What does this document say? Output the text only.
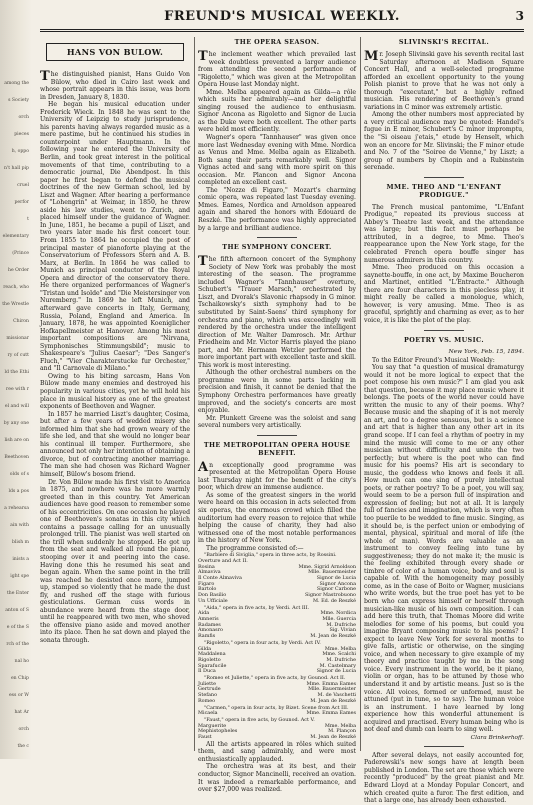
among the
s Society
orch
pieces
h, oppo
n't hall pip
cruel
perfor
t
elementary
(Prince
he Order
reach, who
the Wrestle
Chiron
missionar
ry of cutt
ld the Ethi
ree with r
el and will
by any one
lish are on
Beethoven
olds of s
lds a pos
a rehearsa
ain with
blish m
inists a
ight spe
the Enter
anton of S
e of the S
rch of the
nal ho
en Chip
ess or W
hat Ar
orch
the c
FREUND'S MUSICAL WEEKLY.	3
HANS VON BULOW.

The distinguished pianist, Hans Guido Von Bülow, who died in Cairo last week and whose portrait appears in this issue, was born in Dresden, January 8, 1830.

He began his musical education under Frederick Wieck. In 1848 he was sent to the University of Leipzig to study jurisprudence, his parents having always regarded music as a mere pastime, but he continued his studies in counterpoint under Hauptmann. In the following year he entered the University of Berlin, and took great interest in the political movements of that time, contributing to a democratic journal, Die Abendpost. In this paper he first began to defend the musical doctrines of the new German school, led by Liszt and Wagner. After hearing a performance of "Lohengrin" at Weimar, in 1850, he threw aside his law studies, went to Zurich, and placed himself under the guidance of Wagner. In June, 1851, he became a pupil of Liszt, and two years later made his first concert tour. From 1855 to 1864 he occupied the post of principal master of pianoforte playing at the Conservatorium of Professors Stern and A. B. Marx, at Berlin. In 1864 he was called to Munich as principal conductor of the Royal Opera and director of the conservatory there. He there organized performances of Wagner's "Tristan und Isolde" and "Die Meistersinger von Nuremberg." In 1869 he left Munich, and afterward gave concerts in Italy, Germany, Russia, Poland, England and America. In January, 1878, he was appointed Koeniglicher Hofkapellmeister at Hanover. Among his most important compositions are "Nirvana, Symphonisches Stimmungsbild"; music to Shakespeare's "Julius Caesar"; "Des Sanger's Fluch," "Vier Charakterstucke fur Orchester," and "Il Carnovale di Milano."

Owing to his biting sarcasm, Hans Von Bülow made many enemies and destroyed his popularity in various cities, yet he will hold his place in musical history as one of the greatest exponents of Beethoven and Wagner.

In 1857 he married Liszt's daughter, Cosima, but after a few years of wedded misery she informed him that she had grown weary of the life she led, and that she would no longer bear his continual ill temper. Furthermore, she announced not only her intention of obtaining a divorce, but of contracting another marriage. The man she had chosen was Richard Wagner himself, Bülow's bosom friend.

Dr. Von Bülow made his first visit to America in 1875, and nowhere was he more warmly greeted than in this country. Yet American audiences have good reason to remember some of his eccentricities. On one occasion he played one of Beethoven's sonatas in this city which contains a passage calling for an unusually prolonged trill. The pianist was well started on the trill when suddenly he stopped. He got up from the seat and walked all round the piano, stooping over it and peering into the case. Having done this he resumed his seat and began again. When the same point in the trill was reached he desisted once more, jumped up, stamped so violently that he made the dust fly, and rushed off the stage with furious gesticulations. German cuss words in abundance were heard from the stage door, until he reappeared with two men, who shoved the offensive piano aside and moved another into its place. Then he sat down and played the sonata through.

THE OPERA SEASON.

The inclement weather which prevailed last week doubtless prevented a larger audience from attending the second performance of "Rigoletto," which was given at the Metropolitan Opera House last Monday night.

Mme. Melba appeared again as Gilda—a rôle which suits her admirably—and her delightful singing roused the audience to enthusiasm. Signor Ancona as Rigoletto and Signor de Lucia as the Duke were both excellent. The other parts were held most efficiently.

Wagner's opera "Tannhauser" was given once more last Wednesday evening with Mme. Nordica as Venus and Mme. Melba again as Elizabeth. Both sang their parts remarkably well. Signor Vignas acted and sang with more spirit on this occasion. Mr. Plancon and Signor Ancona completed an excellent cast.

The "Nozze di Figaro," Mozart's charming comic opera, was repeated last Tuesday evening. Mmes. Eames, Nordica and Arnoldson appeared again and shared the honors with Edouard de Reszké. The performance was highly appreciated by a large and brilliant audience.

THE SYMPHONY CONCERT.

The fifth afternoon concert of the Symphony Society of New York was probably the most interesting of the season. The programme included Wagner's "Tannhauser" overture, Schubert's "Trauer Marsch," orchestrated by Liszt, and Dvorak's Slavonic rhapsody in G minor. Tschaikowsky's sixth symphony had to be substituted by Saint-Saens' third symphony for orchestra and piano, which was exceedingly well rendered by the orchestra under the intelligent direction of Mr. Walter Damrosch. Mr. Arthur Friedheim and Mr. Victor Harris played the piano part, and Mr. Hermann Wetzler performed the more important part with excellent taste and skill. This work is most interesting.

Although the other orchestral numbers on the programme were in some parts lacking in precision and finish, it cannot be denied that the Symphony Orchestra performances have greatly improved, and the society's concerts are most enjoyable.

Mr. Plunkett Greene was the soloist and sang several numbers very artistically.

THE METROPOLITAN OPERA HOUSE BENEFIT.

An exceptionally good programme was presented at the Metropolitan Opera House last Thursday night for the benefit of the city's poor, which drew an immense audience.

As some of the greatest singers in the world were heard on this occasion in acts selected from six operas, the enormous crowd which filled the auditorium had every reason to rejoice that while helping the cause of charity, they had also witnessed one of the most notable performances in the history of New York.

The programme consisted of:—

"Barbiere di Siviglia," opera in three acts, by Rossini. Overture and Act II.
Rosina	Mme. Sigrid Arnoldson
Almaviva	Mlle. Bauermeister
Il Conte Almaviva	Signor de Lucia
Figaro	Signor Ancona
Bartolo	Signor Carbone
Don Basilio	Signor Mastrobuono
Un Ufficiale	M. Ed. de Reszké
"Aida," opera in five acts, by Verdi. Act III.
Aida	Mme. Nordica
Amneris	Mlle. Guercia
Radames	M. Dufriche
Amonasro	Sig. Vivian
Ramfis	M. Jean de Reszké
"Rigoletto," opera in four acts, by Verdi. Act IV.
Gilda	Mme. Melba
Maddalena	Mme. Scalchi
Rigoletto	M. Dufriche
Sparafucile	M. Castelmary
Il Duca	Signor de Lucia
"Romeo et Juliette," opera in five acts, by Gounod. Act II.
Juliette	Mme. Emma Eames
Gertrude	Mlle. Bauermeister
Stefano	M. de Vaschetti
Romeo	M. Jean de Reszké
"Carmen," opera in four acts, by Bizet. Scene from Act III.
Micaela	Mme. Emma Eames
"Faust," opera in five acts, by Gounod. Act V.
Marguerite	Mme. Melba
Mephistopheles	M. Plançon
Faust	M. Jean de Reszké

All the artists appeared in rôles which suited them, and sang admirably, and were most enthusiastically applauded.

The orchestra was at its best, and their conductor, Signor Mancinelli, received an ovation. It was indeed a remarkable performance, and over $27,000 was realized.

SLIVINSKI'S RECITAL.

Mr. Joseph Slivinski gave his seventh recital last Saturday afternoon at Madison Square Concert Hall, and a well-selected programme afforded an excellent opportunity to the young Polish pianist to prove that he was not only a thorough "executant," but a highly refined musician. His rendering of Beethoven's grand variations in C minor was extremely artistic.

Among the other numbers most appreciated by a very critical audience may be quoted: Handel's fugue in E minor, Schubert's C minor impromptu, the "Si oiseau j'etais," etude by Henselt, which won an encore for Mr. Slivinski; the F minor etude and No. 7 of the "Soiree de Vienne," by Liszt; a group of numbers by Chopin and a Rubinstein serenade.

MME. THEO AND "L'ENFANT PRODIGUE."

The French musical pantomime, "L'Enfant Prodigue," repeated its previous success at Abbey's Theatre last week, and the attendance was large; but this fact must perhaps be attributed, in a degree, to Mme. Theo's reappearance upon the New York stage, for the celebrated French opera bouffe singer has numerous admirers in this country.

Mme. Theo produced on this occasion a saynette-bouffe, in one act, by Maxime Boucheron and Martinet, entitled "L'Entracte." Although there are four characters in this piecless play, it might really be called a monologue, which, however, is very amusing. Mme. Theo is as graceful, sprightly and charming as ever, as to her voice, it is like the plot of the play.

POETRY VS. MUSIC.
New York, Feb. 15, 1894.

To the Editor Freund's Musical Weekly:

You say that "a question of musical dramaturgy would it not be more logical to expect that the poet compose his own music?" I am glad you ask that question, because it may place music where it belongs. The poets of the world never could have written the music to any of their poems. Why? Because music and the shaping of it is not merely an art, and to a degree sensuous, but is a science and art that is higher than any other art in its grand scope. If I can feel a rhythm of poetry in my mind the music will come to me or any other musician without difficulty and unite the two perfectly; but where is the poet who can find music for his poems? His art is secondary to music, the goddess who knows and feels it all. How much can one sing of purely intellectual poets, or rather poetry? To be a poet, you will say, would seem to be a person full of inspiration and expression of feeling; but not at all. It is largely full of fancies and imagination, which is very often too puerile to be wedded to fine music. Singing, as it should be, is the perfect union or embodying of mental, physical, spiritual and moral of life (the whole of man). Words are valuable as an instrument to convey feeling into tune by suggestiveness; they do not make it; the music is the feeling exhibited through every shade or timbre of color of a human voice, body and soul is capable of. With the homogeneity may possibly come, as in the case of Boito or Wagner, musicians who write words, but the true poet has yet to be born who can express himself or herself through musician-like music of his own composition. I can add here this truth, that Thomas Moore did write melodies for some of his poems, but could you imagine Bryant composing music to his poems? I expect to leave New York for several months to give falls, artistic or otherwise, on the singing voice, and when necessary to give example of my theory and practice taught by me in the song voice. Every instrument in the world, be it piano, violin or organ, has to be attuned by those who understand it and by artistic means. Just so is the voice. All voices, formed or unformed, must be attuned (put in tune, so to say). The human voice is an instrument. I have learned by long experience how this wonderful attunement is acquired and practised. Every human being who is not deaf and dumb can learn to sing well.

Clara Brinkerhoff.

After several delays, not easily accounted for, Paderewski's new songs have at length been published in London. The set are those which were recently "produced" by the great pianist and Mr. Edward Lloyd at a Monday Popular Concert, and which created quite a furor. The first edition, and that a large one, has already been exhausted.
